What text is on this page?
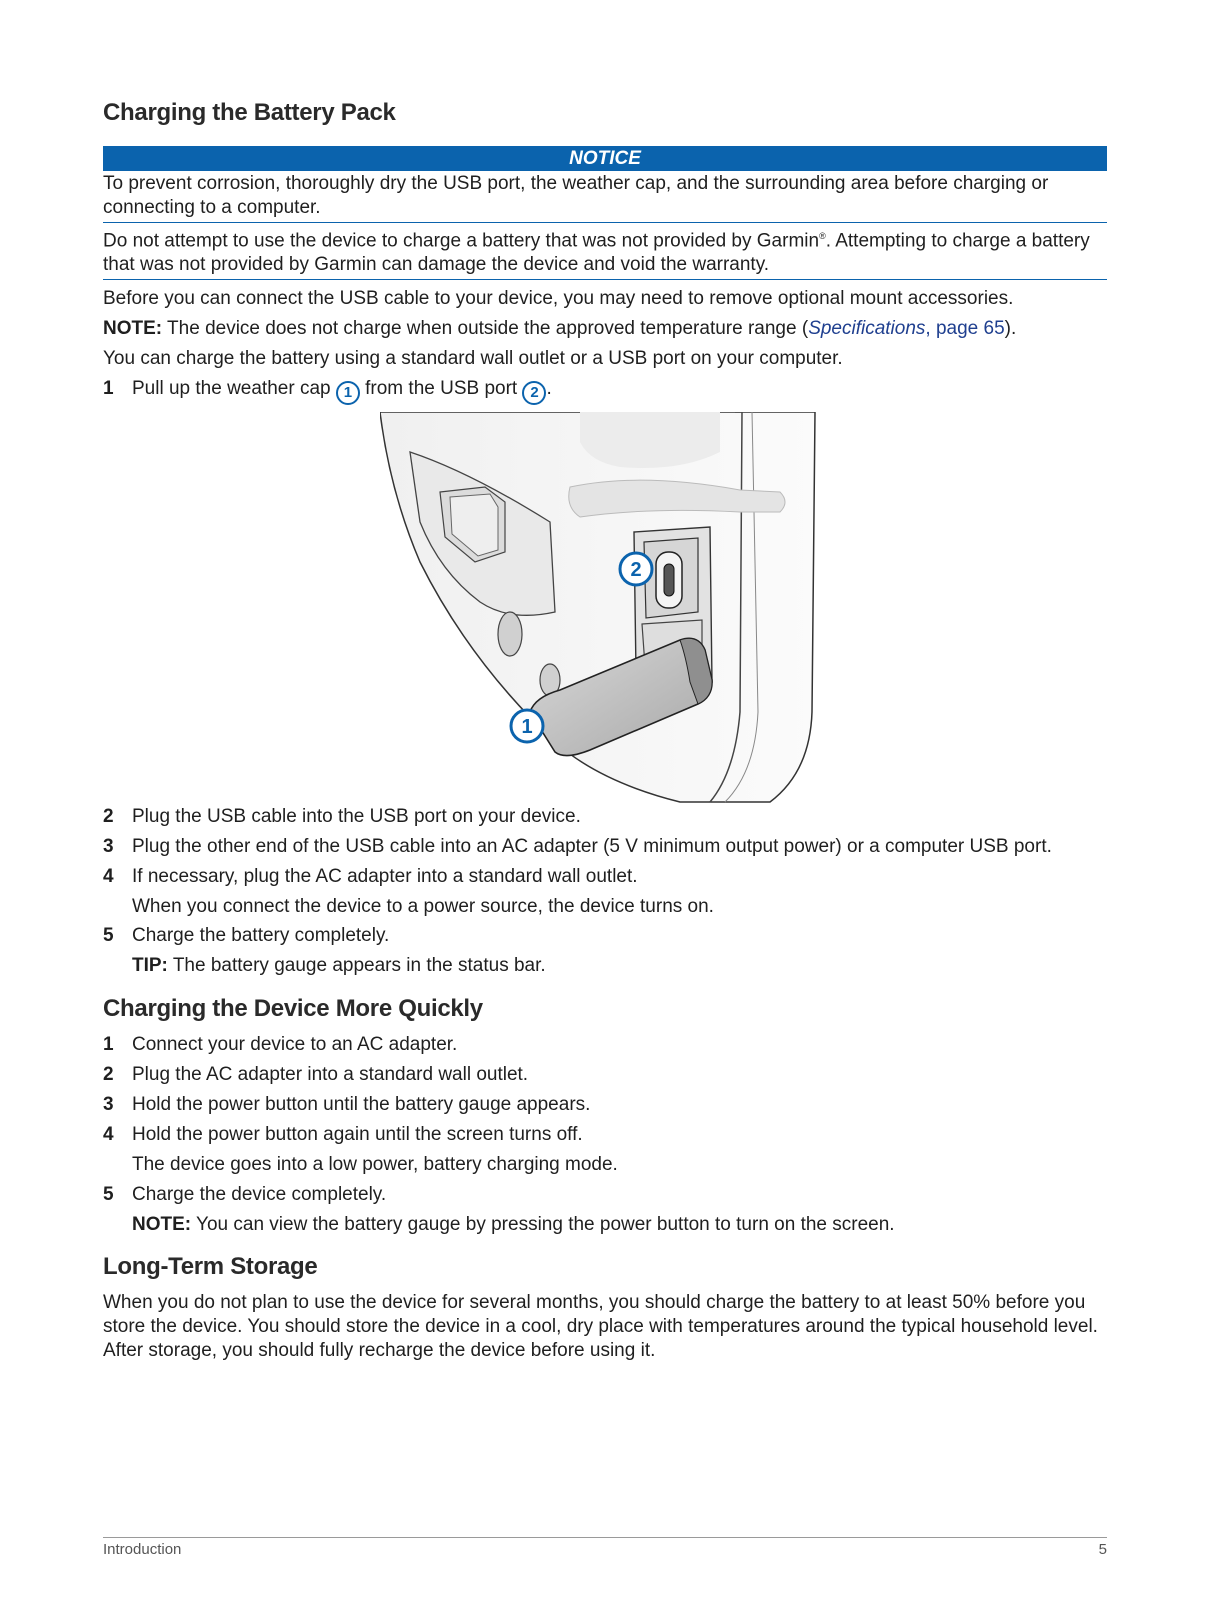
Charging the Battery Pack
NOTICE
To prevent corrosion, thoroughly dry the USB port, the weather cap, and the surrounding area before charging or connecting to a computer.
Do not attempt to use the device to charge a battery that was not provided by Garmin®. Attempting to charge a battery that was not provided by Garmin can damage the device and void the warranty.
Before you can connect the USB cable to your device, you may need to remove optional mount accessories.
NOTE: The device does not charge when outside the approved temperature range (Specifications, page 65).
You can charge the battery using a standard wall outlet or a USB port on your computer.
1 Pull up the weather cap 1 from the USB port 2 .
2
1
2 Plug the USB cable into the USB port on your device.
3 Plug the other end of the USB cable into an AC adapter (5 V minimum output power) or a computer USB port.
4 If necessary, plug the AC adapter into a standard wall outlet.
When you connect the device to a power source, the device turns on.
5 Charge the battery completely.
TIP: The battery gauge appears in the status bar.
Charging the Device More Quickly
1 Connect your device to an AC adapter.
2 Plug the AC adapter into a standard wall outlet.
3 Hold the power button until the battery gauge appears.
4 Hold the power button again until the screen turns off.
The device goes into a low power, battery charging mode.
5 Charge the device completely.
NOTE: You can view the battery gauge by pressing the power button to turn on the screen.
Long-Term Storage
When you do not plan to use the device for several months, you should charge the battery to at least 50% before you store the device. You should store the device in a cool, dry place with temperatures around the typical household level. After storage, you should fully recharge the device before using it.
Introduction	5
